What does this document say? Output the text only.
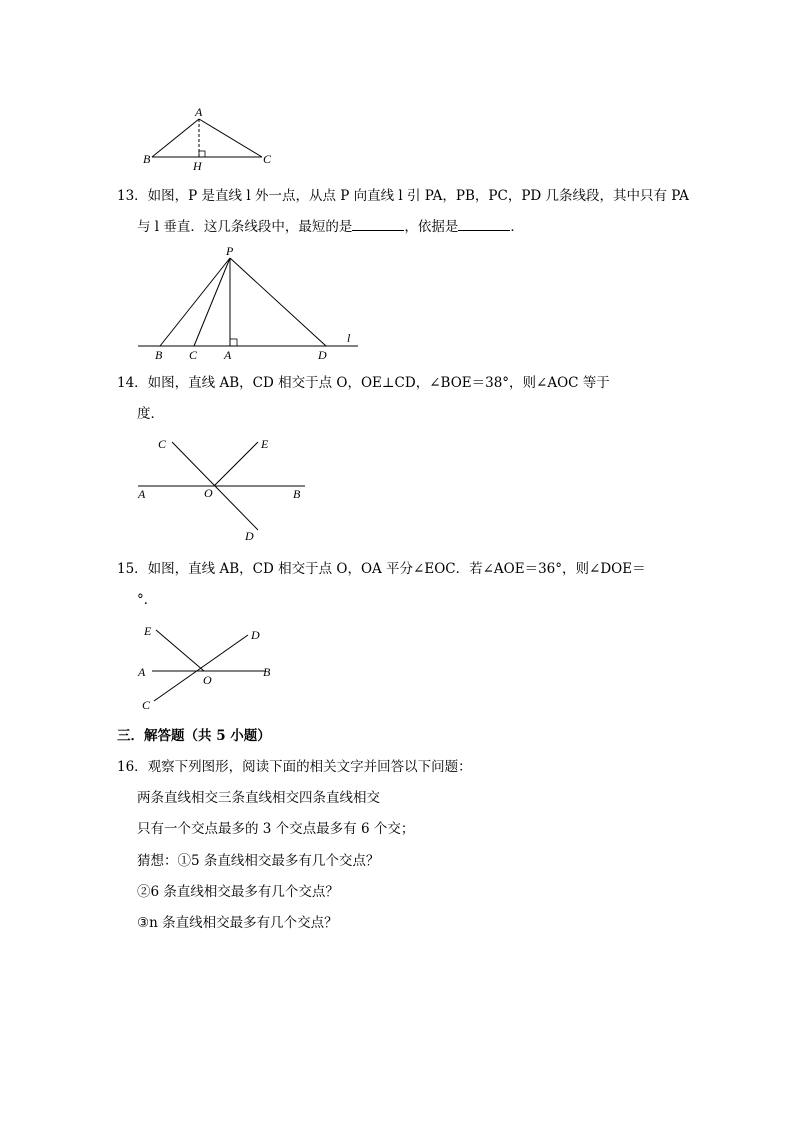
A
B	C
H
13．如图，P 是直线 l 外一点，从点 P 向直线 l 引 PA，PB，PC，PD 几条线段，其中只有 PA
与 l 垂直．这几条线段中，最短的是	，依据是	．
P
B C A	D
l
14．如图，直线 AB，CD 相交于点 O，OE⊥CD，∠BOE＝38°，则∠AOC 等于
度．
C	E
A	O	B
D
15．如图，直线 AB，CD 相交于点 O，OA 平分∠EOC．若∠AOE＝36°，则∠DOE＝
°．
E	D
A
O
B
C
三．解答题（共 5 小题）
16．观察下列图形，阅读下面的相关文字并回答以下问题：
两条直线相交三条直线相交四条直线相交
只有一个交点最多的 3 个交点最多有 6 个交；
猜想：①5 条直线相交最多有几个交点？
②6 条直线相交最多有几个交点？
③n 条直线相交最多有几个交点？
